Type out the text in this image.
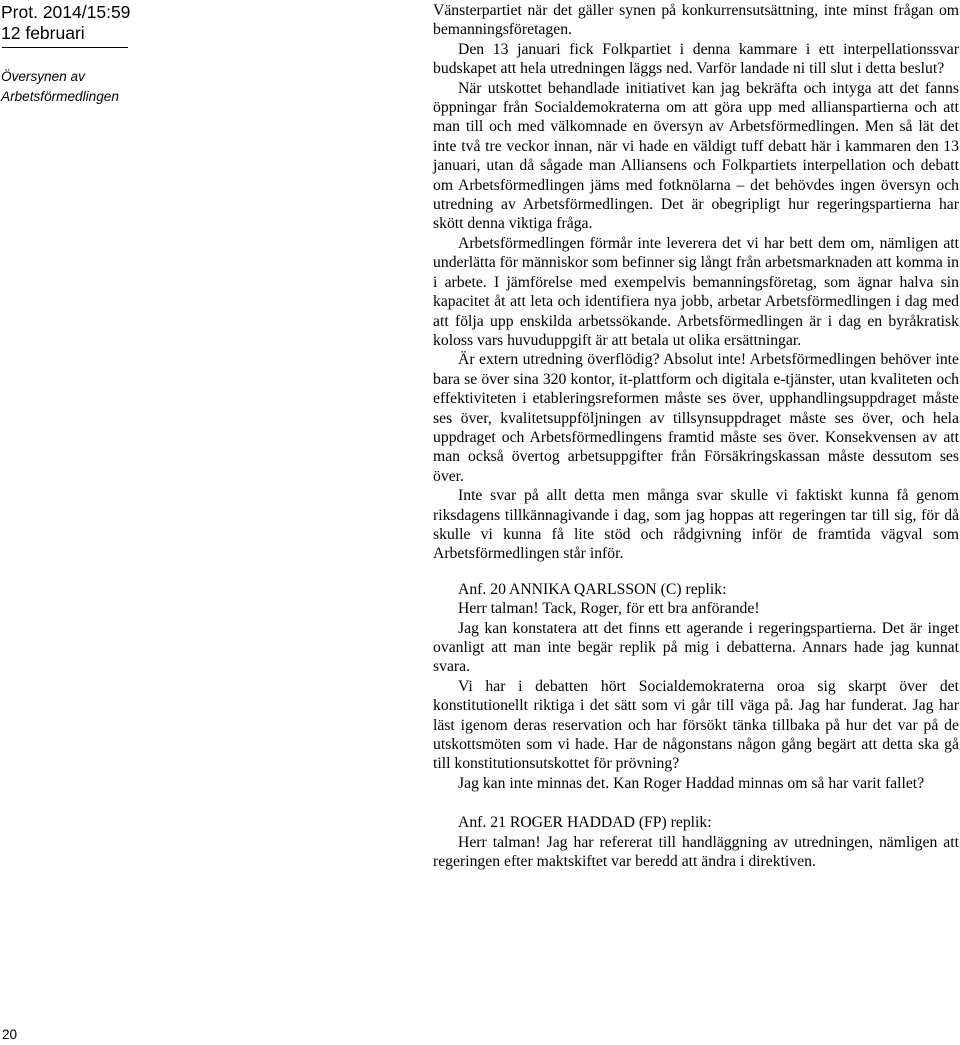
Prot. 2014/15:59
12 februari
Översynen av
Arbetsförmedlingen
20

Vänsterpartiet när det gäller synen på konkurrensutsättning, inte minst frågan om bemanningsföretagen.

Den 13 januari fick Folkpartiet i denna kammare i ett interpellationssvar budskapet att hela utredningen läggs ned. Varför landade ni till slut i detta beslut?

När utskottet behandlade initiativet kan jag bekräfta och intyga att det fanns öppningar från Socialdemokraterna om att göra upp med allianspartierna och att man till och med välkomnade en översyn av Arbetsförmedlingen. Men så lät det inte två tre veckor innan, när vi hade en väldigt tuff debatt här i kammaren den 13 januari, utan då sågade man Alliansens och Folkpartiets interpellation och debatt om Arbetsförmedlingen jäms med fotknölarna – det behövdes ingen översyn och utredning av Arbetsförmedlingen. Det är obegripligt hur regeringspartierna har skött denna viktiga fråga.

Arbetsförmedlingen förmår inte leverera det vi har bett dem om, nämligen att underlätta för människor som befinner sig långt från arbetsmarknaden att komma in i arbete. I jämförelse med exempelvis bemanningsföretag, som ägnar halva sin kapacitet åt att leta och identifiera nya jobb, arbetar Arbetsförmedlingen i dag med att följa upp enskilda arbetssökande. Arbetsförmedlingen är i dag en byråkratisk koloss vars huvuduppgift är att betala ut olika ersättningar.

Är extern utredning överflödig? Absolut inte! Arbetsförmedlingen behöver inte bara se över sina 320 kontor, it-plattform och digitala e-tjänster, utan kvaliteten och effektiviteten i etableringsreformen måste ses över, upphandlingsuppdraget måste ses över, kvalitetsuppföljningen av tillsynsuppdraget måste ses över, och hela uppdraget och Arbetsförmedlingens framtid måste ses över. Konsekvensen av att man också övertog arbetsuppgifter från Försäkringskassan måste dessutom ses över.

Inte svar på allt detta men många svar skulle vi faktiskt kunna få genom riksdagens tillkännagivande i dag, som jag hoppas att regeringen tar till sig, för då skulle vi kunna få lite stöd och rådgivning inför de framtida vägval som Arbetsförmedlingen står inför.

Anf. 20 ANNIKA QARLSSON (C) replik:

Herr talman! Tack, Roger, för ett bra anförande!

Jag kan konstatera att det finns ett agerande i regeringspartierna. Det är inget ovanligt att man inte begär replik på mig i debatterna. Annars hade jag kunnat svara.

Vi har i debatten hört Socialdemokraterna oroa sig skarpt över det konstitutionellt riktiga i det sätt som vi går till väga på. Jag har funderat. Jag har läst igenom deras reservation och har försökt tänka tillbaka på hur det var på de utskottsmöten som vi hade. Har de någonstans någon gång begärt att detta ska gå till konstitutionsutskottet för prövning?

Jag kan inte minnas det. Kan Roger Haddad minnas om så har varit fallet?

Anf. 21 ROGER HADDAD (FP) replik:

Herr talman! Jag har refererat till handläggning av utredningen, nämligen att regeringen efter maktskiftet var beredd att ändra i direktiven.
